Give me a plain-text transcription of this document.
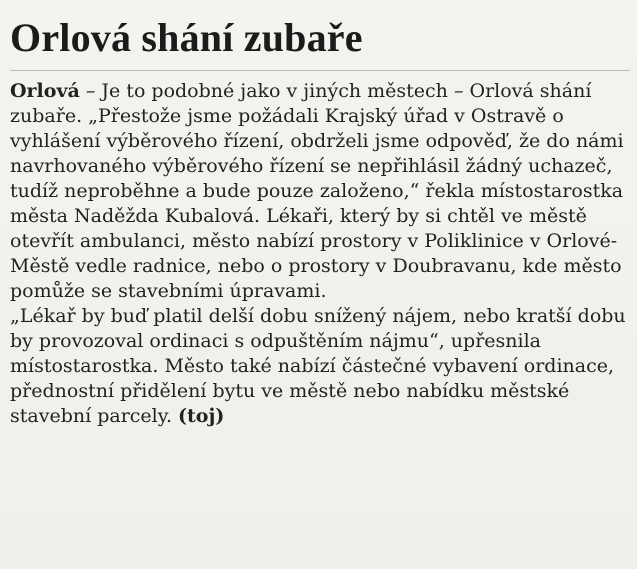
Orlová shání zubaře

Orlová – Je to podobné jako v jiných městech – Orlová shání zubaře. „Přestože jsme požádali Krajský úřad v Ostravě o vyhlášení výběrového řízení, obdrželi jsme odpověď, že do námi navrhovaného výběrového řízení se nepřihlásil žádný uchazeč, tudíž neproběhne a bude pouze založeno,“ řekla místostarostka města Naděžda Kubalová. Lékaři, který by si chtěl ve městě otevřít ambulanci, město nabízí prostory v Poliklinice v Orlové-Městě vedle radnice, nebo o prostory v Doubravanu, kde město pomůže se stavebními úpravami.

„Lékař by buď platil delší dobu snížený nájem, nebo kratší dobu by provozoval ordinaci s odpuštěním nájmu“, upřesnila místostarostka. Město také nabízí částečné vybavení ordinace, přednostní přidělení bytu ve městě nebo nabídku městské stavební parcely. (toj)
